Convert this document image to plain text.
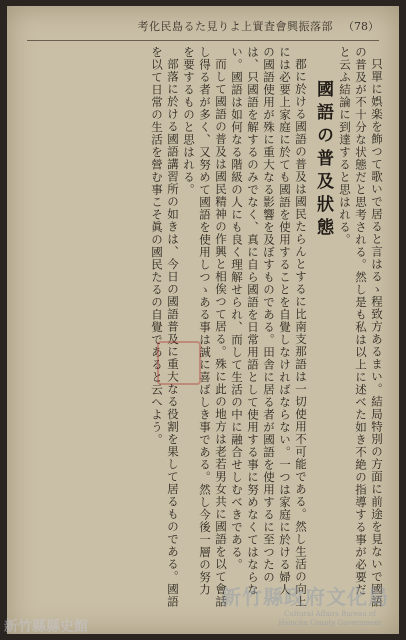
考化民島るた見りよ上實査會興振落部 （78）

只單に娯楽を飾つて歌いで居ると言はるゝ程致方あるまい。結局特別の方面に前途を見ないで國語の普及が不十分な状態だと思考される。然し是も私は以上に述べた如き不絶の指導する事が必要だと云ふ結論に到達すると思はれる。

國語の普及狀態

郡に於ける國語の普及は國民たらんとするに比南支那語は一切使用不可能である。然し生活の向上には必要上家庭に於ても國語を使用することを自覺しなければならない。一つは家庭に於ける婦人の國語使用が殊に重大なる影響を及ぼすものである。田舎に居る者が國語を使用するに至つたのは、只國語を解するのみでなく、真に自ら國語を日常用語として使用する事に努めなくてはならない。國語は如何なる階級の人にも良く理解せられ、而して生活の中に融合せしむべきである。

而して國語の普及は國民精神の作興と相俟つて居る。殊に此の地方は老若男女共に國語を以て會話し得る者が多く、又努めて國語を使用しつゝある事は誠に喜ばしき事である。然し今後一層の努力を要するものと思はれる。

部落に於ける國語講習所の如きは、今日の國語普及に重大なる役割を果して居るものである。國語を以て日常の生活を營む事こそ眞の國民たるの自覺であると云へよう。

新竹縣政府文化局
Cultural Affairs Bureau of Hsinchu County Government
新竹縣縣史館
